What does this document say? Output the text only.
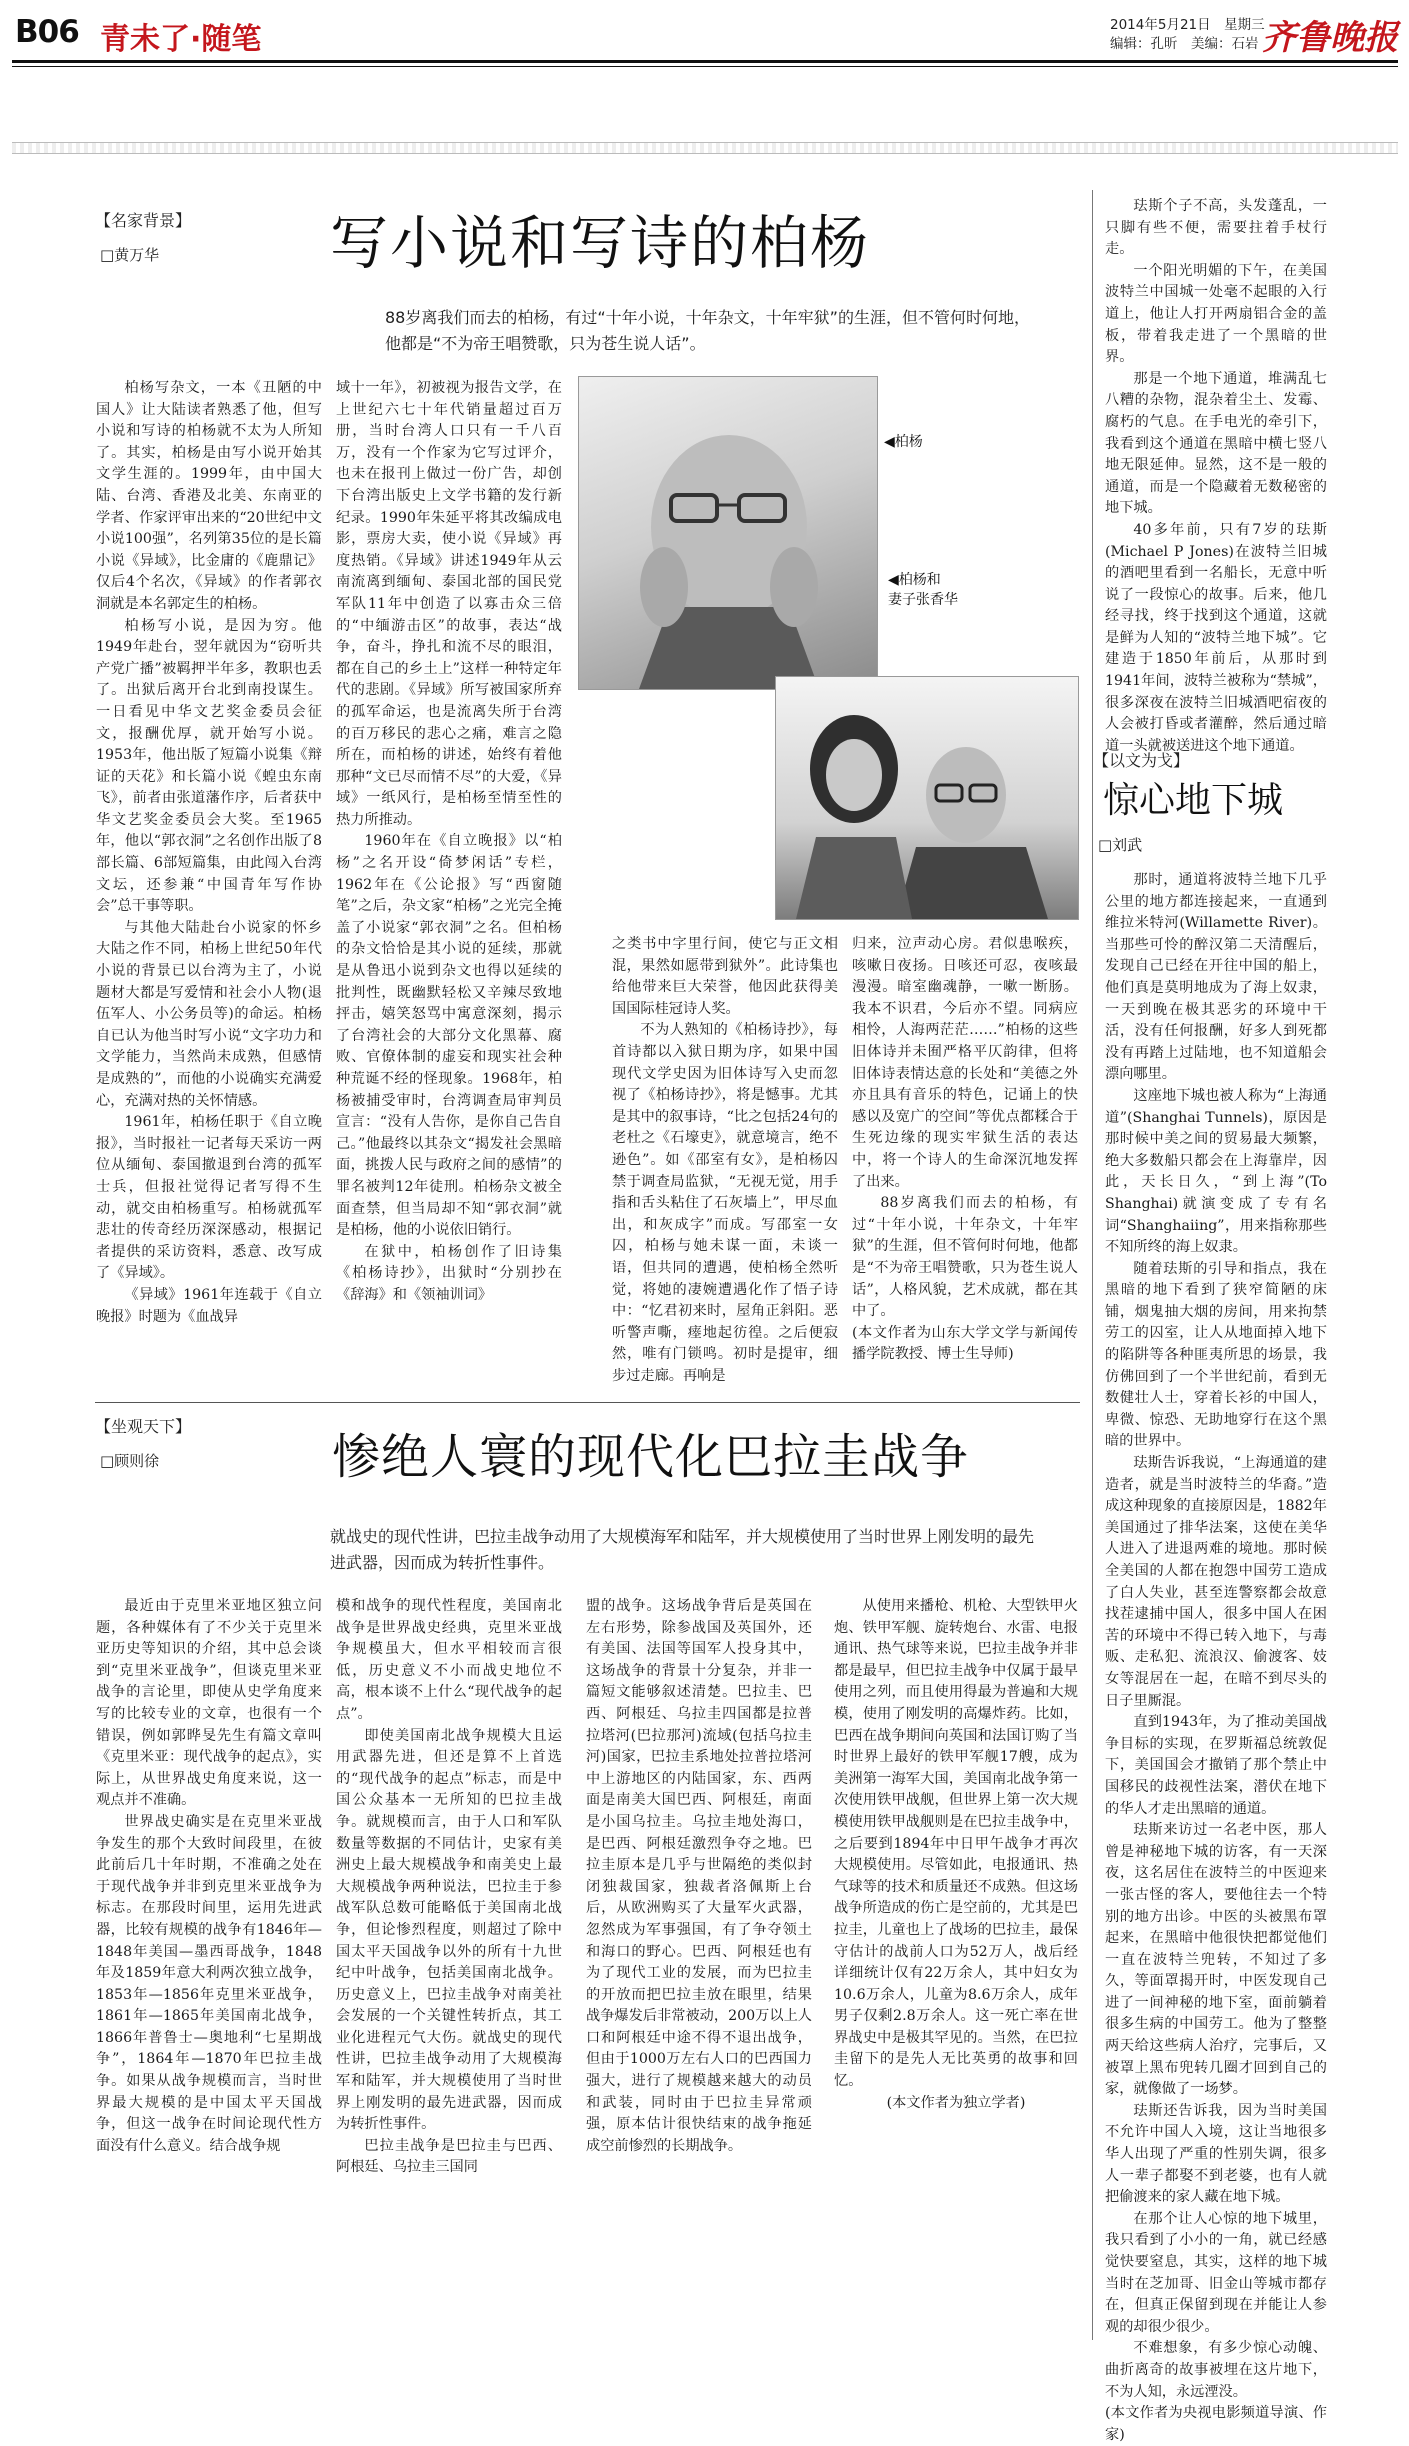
B06 青未了·随笔	2014年5月21日　星期三
编辑：孔昕　美编：石岩 齐鲁晚报
【名家背景】
□黄万华	写小说和写诗的柏杨
88岁离我们而去的柏杨，有过“十年小说，十年杂文，十年牢狱”的生涯，但不管何时何地，他都是“不为帝王唱赞歌，只为苍生说人话”。

柏杨写杂文，一本《丑陋的中国人》让大陆读者熟悉了他，但写小说和写诗的柏杨就不太为人所知了。其实，柏杨是由写小说开始其文学生涯的。1999年，由中国大陆、台湾、香港及北美、东南亚的学者、作家评审出来的“20世纪中文小说100强”，名列第35位的是长篇小说《异域》，比金庸的《鹿鼎记》仅后4个名次，《异域》的作者郭衣洞就是本名郭定生的柏杨。

柏杨写小说，是因为穷。他1949年赴台，翌年就因为“窃听共产党广播”被羁押半年多，教职也丢了。出狱后离开台北到南投谋生。一日看见中华文艺奖金委员会征文，报酬优厚，就开始写小说。1953年，他出版了短篇小说集《辩证的天花》和长篇小说《蝗虫东南飞》，前者由张道藩作序，后者获中华文艺奖金委员会大奖。至1965年，他以“郭衣洞”之名创作出版了8部长篇、6部短篇集，由此闯入台湾文坛，还参兼“中国青年写作协会”总干事等职。

与其他大陆赴台小说家的怀乡大陆之作不同，柏杨上世纪50年代小说的背景已以台湾为主了，小说题材大都是写爱情和社会小人物(退伍军人、小公务员等)的命运。柏杨自已认为他当时写小说“文字功力和文学能力，当然尚未成熟，但感情是成熟的”，而他的小说确实充满爱心，充满对热的关怀情感。

1961年，柏杨任职于《自立晚报》，当时报社一记者每天采访一两位从缅甸、泰国撤退到台湾的孤军士兵，但报社觉得记者写得不生动，就交由柏杨重写。柏杨就孤军悲壮的传奇经历深深感动，根据记者提供的采访资料，悉意、改写成了《异域》。

《异域》1961年连载于《自立晚报》时题为《血战异

域十一年》，初被视为报告文学，在上世纪六七十年代销量超过百万册，当时台湾人口只有一千八百万，没有一个作家为它写过评介，也未在报刊上做过一份广告，却创下台湾出版史上文学书籍的发行新纪录。1990年朱延平将其改编成电影，票房大卖，使小说《异域》再度热销。《异域》讲述1949年从云南流离到缅甸、泰国北部的国民党军队11年中创造了以寡击众三倍的“中缅游击区”的故事，表达“战争，奋斗，挣扎和流不尽的眼泪，都在自己的乡土上”这样一种特定年代的悲剧。《异域》所写被国家所弃的孤军命运，也是流离失所于台湾的百万移民的悲心之痛，难言之隐所在，而柏杨的讲述，始终有着他那种“文已尽而情不尽”的大爱，《异域》一纸风行，是柏杨至情至性的热力所推动。

1960年在《自立晚报》以“柏杨”之名开设“倚梦闲话”专栏，1962年在《公论报》写“西窗随笔”之后，杂文家“柏杨”之光完全掩盖了小说家“郭衣洞”之名。但柏杨的杂文恰恰是其小说的延续，那就是从鲁迅小说到杂文也得以延续的批判性，既幽默轻松又辛辣尽致地抨击，嬉笑怒骂中寓意深刻，揭示了台湾社会的大部分文化黑幕、腐败、官僚体制的虚妄和现实社会种种荒诞不经的怪现象。1968年，柏杨被捕受审时，台湾调查局审判员宣言：“没有人告你，是你自己告自己。”他最终以其杂文“揭发社会黑暗面，挑拨人民与政府之间的感情”的罪名被判12年徒刑。柏杨杂文被全面查禁，但当局却不知“郭衣洞”就是柏杨，他的小说依旧销行。

在狱中，柏杨创作了旧诗集《柏杨诗抄》，出狱时“分别抄在《辞海》和《领袖训词》

◀柏杨
◀柏杨和
妻子张香华

之类书中字里行间，使它与正文相混，果然如愿带到狱外”。此诗集也给他带来巨大荣誉，他因此获得美国国际桂冠诗人奖。

不为人熟知的《柏杨诗抄》，每首诗都以入狱日期为序，如果中国现代文学史因为旧体诗写入史而忽视了《柏杨诗抄》，将是憾事。尤其是其中的叙事诗，“比之包括24句的老杜之《石壕吏》，就意境言，绝不逊色”。如《邵室有女》，是柏杨囚禁于调查局监狱，“无视无觉，用手指和舌头粘住了石灰墙上”，甲尽血出，和灰成字”而成。写邵室一女囚，柏杨与她未谋一面，未谈一语，但共同的遭遇，使柏杨全然听觉，将她的凄婉遭遇化作了悟子诗中：“忆君初来时，屋角正斜阳。恶听警声嘶，瘗地起彷徨。之后便寂然，唯有门锁鸣。初时是提审，细步过走廊。再响是

归来，泣声动心房。君似患喉疾，咳嗽日夜扬。日咳还可忍，夜咳最漫漫。暗室幽魂静，一嗽一断肠。我本不识君，今后亦不望。同病应相怜，人海两茫茫……”柏杨的这些旧体诗并未囿严格平仄韵律，但将旧体诗表情达意的长处和“美德之外亦且具有音乐的特色，记诵上的快感以及宽广的空间”等优点都糅合于生死边缘的现实牢狱生活的表达中，将一个诗人的生命深沉地发挥了出来。

88岁离我们而去的柏杨，有过“十年小说，十年杂文，十年牢狱”的生涯，但不管何时何地，他都是“不为帝王唱赞歌，只为苍生说人话”，人格风貌，艺术成就，都在其中了。

(本文作者为山东大学文学与新闻传播学院教授、博士生导师)

珐斯个子不高，头发蓬乱，一只脚有些不便，需要拄着手杖行走。

一个阳光明媚的下午，在美国波特兰中国城一处毫不起眼的入行道上，他让人打开两扇铝合金的盖板，带着我走进了一个黑暗的世界。

那是一个地下通道，堆满乱七八糟的杂物，混杂着尘土、发霉、腐朽的气息。在手电光的牵引下，我看到这个通道在黑暗中横七竖八地无限延伸。显然，这不是一般的通道，而是一个隐藏着无数秘密的地下城。

40多年前，只有7岁的珐斯(Michael P Jones)在波特兰旧城的酒吧里看到一名船长，无意中听说了一段惊心的故事。后来，他几经寻找，终于找到这个通道，这就是鲜为人知的“波特兰地下城”。它建造于1850年前后，从那时到1941年间，波特兰被称为“禁城”，很多深夜在波特兰旧城酒吧宿夜的人会被打昏或者灌醉，然后通过暗道一头就被送进这个地下通道。

【以文为戈】
惊心地下城
□刘武

那时，通道将波特兰地下几乎公里的地方都连接起来，一直通到维拉米特河(Willamette River)。当那些可怜的醉汉第二天清醒后，发现自己已经在开往中国的船上，他们真是莫明地成为了海上奴隶，一天到晚在极其恶劣的环境中干活，没有任何报酬，好多人到死都没有再踏上过陆地，也不知道船会漂向哪里。

这座地下城也被人称为“上海通道”(Shanghai Tunnels)，原因是那时候中美之间的贸易最大频繁，绝大多数船只都会在上海靠岸，因此，天长日久，“到上海”(To Shanghai)就演变成了专有名词“Shanghaiing”，用来指称那些不知所终的海上奴隶。

随着珐斯的引导和指点，我在黑暗的地下看到了狭窄简陋的床铺，烟鬼抽大烟的房间，用来拘禁劳工的囚室，让人从地面掉入地下的陷阱等各种匪夷所思的场景，我仿佛回到了一个半世纪前，看到无数健壮人士，穿着长衫的中国人，卑微、惊恐、无助地穿行在这个黑暗的世界中。

珐斯告诉我说，“上海通道的建造者，就是当时波特兰的华裔。”造成这种现象的直接原因是，1882年美国通过了排华法案，这使在美华人进入了进退两难的境地。那时候全美国的人都在抱怨中国劳工造成了白人失业，甚至连警察都会故意找茬逮捕中国人，很多中国人在困苦的环境中不得已转入地下，与毒贩、走私犯、流浪汉、偷渡客、妓女等混居在一起，在暗不到尽头的日子里厮混。

直到1943年，为了推动美国战争目标的实现，在罗斯福总统敦促下，美国国会才撤销了那个禁止中国移民的歧视性法案，潜伏在地下的华人才走出黑暗的通道。

珐斯来访过一名老中医，那人曾是神秘地下城的访客，有一天深夜，这名居住在波特兰的中医迎来一张古怪的客人，要他往去一个特别的地方出诊。中医的头被黑布罩起来，在黑暗中他很快把都觉他们一直在波特兰兜转，不知过了多久，等面罩揭开时，中医发现自己进了一间神秘的地下室，面前躺着很多生病的中国劳工。他为了整整两天给这些病人治疗，完事后，又被罩上黑布兜转几圈才回到自己的家，就像做了一场梦。

珐斯还告诉我，因为当时美国不允许中国人入境，这让当地很多华人出现了严重的性别失调，很多人一辈子都娶不到老婆，也有人就把偷渡来的家人藏在地下城。

在那个让人心惊的地下城里，我只看到了小小的一角，就已经感觉快要窒息，其实，这样的地下城当时在芝加哥、旧金山等城市都存在，但真正保留到现在并能让人参观的却很少很少。

不难想象，有多少惊心动魄、曲折离奇的故事被埋在这片地下，不为人知，永远湮没。

(本文作者为央视电影频道导演、作家)

【坐观天下】
□顾则徐	惨绝人寰的现代化巴拉圭战争
就战史的现代性讲，巴拉圭战争动用了大规模海军和陆军，并大规模使用了当时世界上刚发明的最先进武器，因而成为转折性事件。

最近由于克里米亚地区独立问题，各种媒体有了不少关于克里米亚历史等知识的介绍，其中总会谈到“克里米亚战争”，但谈克里米亚战争的言论里，即使从史学角度来写的比较专业的文章，也很有一个错误，例如郭晔旻先生有篇文章叫《克里米亚：现代战争的起点》，实际上，从世界战史角度来说，这一观点并不准确。

世界战史确实是在克里米亚战争发生的那个大致时间段里，在彼此前后几十年时期，不准确之处在于现代战争并非到克里米亚战争为标志。在那段时间里，运用先进武器，比较有规模的战争有1846年—1848年美国—墨西哥战争，1848年及1859年意大利两次独立战争，1853年—1856年克里米亚战争，1861年—1865年美国南北战争，1866年普鲁士—奥地利“七星期战争”，1864年—1870年巴拉圭战争。如果从战争规模而言，当时世界最大规模的是中国太平天国战争，但这一战争在时间论现代性方面没有什么意义。结合战争规

模和战争的现代性程度，美国南北战争是世界战史经典，克里米亚战争规模虽大，但水平相较而言很低，历史意义不小而战史地位不高，根本谈不上什么“现代战争的起点”。

即使美国南北战争规模大且运用武器先进，但还是算不上首选的“现代战争的起点”标志，而是中国公众基本一无所知的巴拉圭战争。就规模而言，由于人口和军队数量等数据的不同估计，史家有美洲史上最大规模战争和南美史上最大规模战争两种说法，巴拉圭于参战军队总数可能略低于美国南北战争，但论惨烈程度，则超过了除中国太平天国战争以外的所有十九世纪中叶战争，包括美国南北战争。历史意义上，巴拉圭战争对南美社会发展的一个关键性转折点，其工业化进程元气大伤。就战史的现代性讲，巴拉圭战争动用了大规模海军和陆军，并大规模使用了当时世界上刚发明的最先进武器，因而成为转折性事件。

巴拉圭战争是巴拉圭与巴西、阿根廷、乌拉圭三国同

盟的战争。这场战争背后是英国在左右形势，除参战国及英国外，还有美国、法国等国军人投身其中，这场战争的背景十分复杂，并非一篇短文能够叙述清楚。巴拉圭、巴西、阿根廷、乌拉圭四国都是拉普拉塔河(巴拉那河)流域(包括乌拉圭河)国家，巴拉圭系地处拉普拉塔河中上游地区的内陆国家，东、西两面是南美大国巴西、阿根廷，南面是小国乌拉圭。乌拉圭地处海口，是巴西、阿根廷激烈争夺之地。巴拉圭原本是几乎与世隔绝的类似封闭独裁国家，独裁者洛佩斯上台后，从欧洲购买了大量军火武器，忽然成为军事强国，有了争夺领土和海口的野心。巴西、阿根廷也有为了现代工业的发展，而为巴拉圭的开放而把巴拉圭放在眼里，结果战争爆发后非常被动，200万以上人口和阿根廷中途不得不退出战争，但由于1000万左右人口的巴西国力强大，进行了规模越来越大的动员和武装，同时由于巴拉圭异常顽强，原本估计很快结束的战争拖延成空前惨烈的长期战争。

从使用来播枪、机枪、大型铁甲火炮、铁甲军舰、旋转炮台、水雷、电报通讯、热气球等来说，巴拉圭战争并非都是最早，但巴拉圭战争中仅属于最早使用之列，而且使用得最为普遍和大规模，使用了刚发明的高爆炸药。比如，巴西在战争期间向英国和法国订购了当时世界上最好的铁甲军舰17艘，成为美洲第一海军大国，美国南北战争第一次使用铁甲战舰，但世界上第一次大规模使用铁甲战舰则是在巴拉圭战争中，之后要到1894年中日甲午战争才再次大规模使用。尽管如此，电报通讯、热气球等的技术和质量还不成熟。但这场战争所造成的伤亡是空前的，尤其是巴拉圭，儿童也上了战场的巴拉圭，最保守估计的战前人口为52万人，战后经详细统计仅有22万余人，其中妇女为10.6万余人，儿童为8.6万余人，成年男子仅剩2.8万余人。这一死亡率在世界战史中是极其罕见的。当然，在巴拉圭留下的是先人无比英勇的故事和回忆。

(本文作者为独立学者)
